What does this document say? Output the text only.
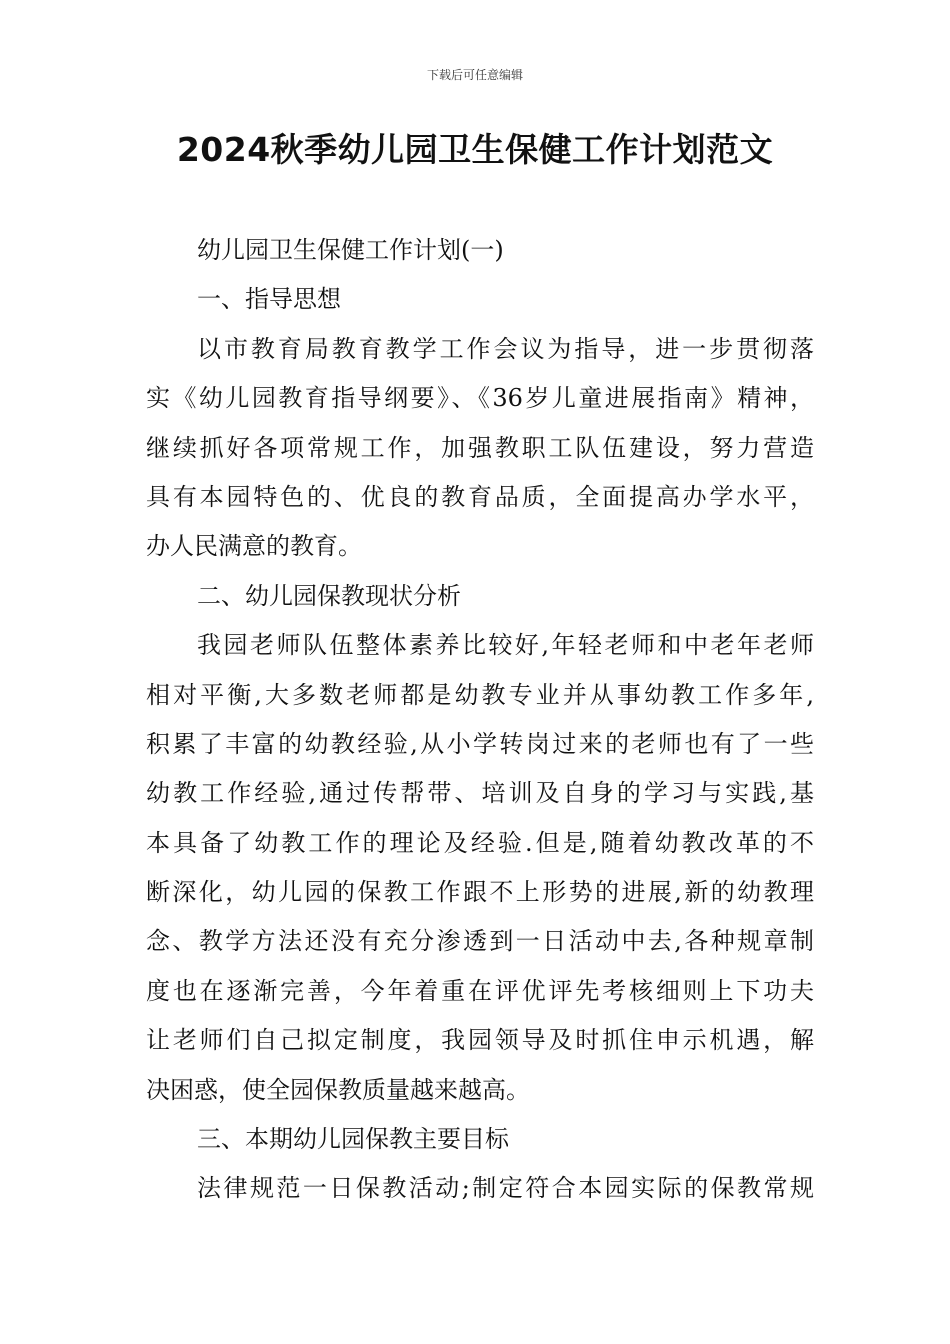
下载后可任意编辑
2024秋季幼儿园卫生保健工作计划范文
幼儿园卫生保健工作计划(一)
一、指导思想
以市教育局教育教学工作会议为指导，进一步贯彻落
实《幼儿园教育指导纲要》、《36岁儿童进展指南》精神，
继续抓好各项常规工作，加强教职工队伍建设，努力营造
具有本园特色的、优良的教育品质，全面提高办学水平，
办人民满意的教育。
二、幼儿园保教现状分析
我园老师队伍整体素养比较好,年轻老师和中老年老师
相对平衡,大多数老师都是幼教专业并从事幼教工作多年,
积累了丰富的幼教经验,从小学转岗过来的老师也有了一些
幼教工作经验,通过传帮带、培训及自身的学习与实践,基
本具备了幼教工作的理论及经验.但是,随着幼教改革的不
断深化，幼儿园的保教工作跟不上形势的进展,新的幼教理
念、教学方法还没有充分渗透到一日活动中去,各种规章制
度也在逐渐完善，今年着重在评优评先考核细则上下功夫
让老师们自己拟定制度，我园领导及时抓住申示机遇，解
决困惑，使全园保教质量越来越高。
三、本期幼儿园保教主要目标
法律规范一日保教活动;制定符合本园实际的保教常规
